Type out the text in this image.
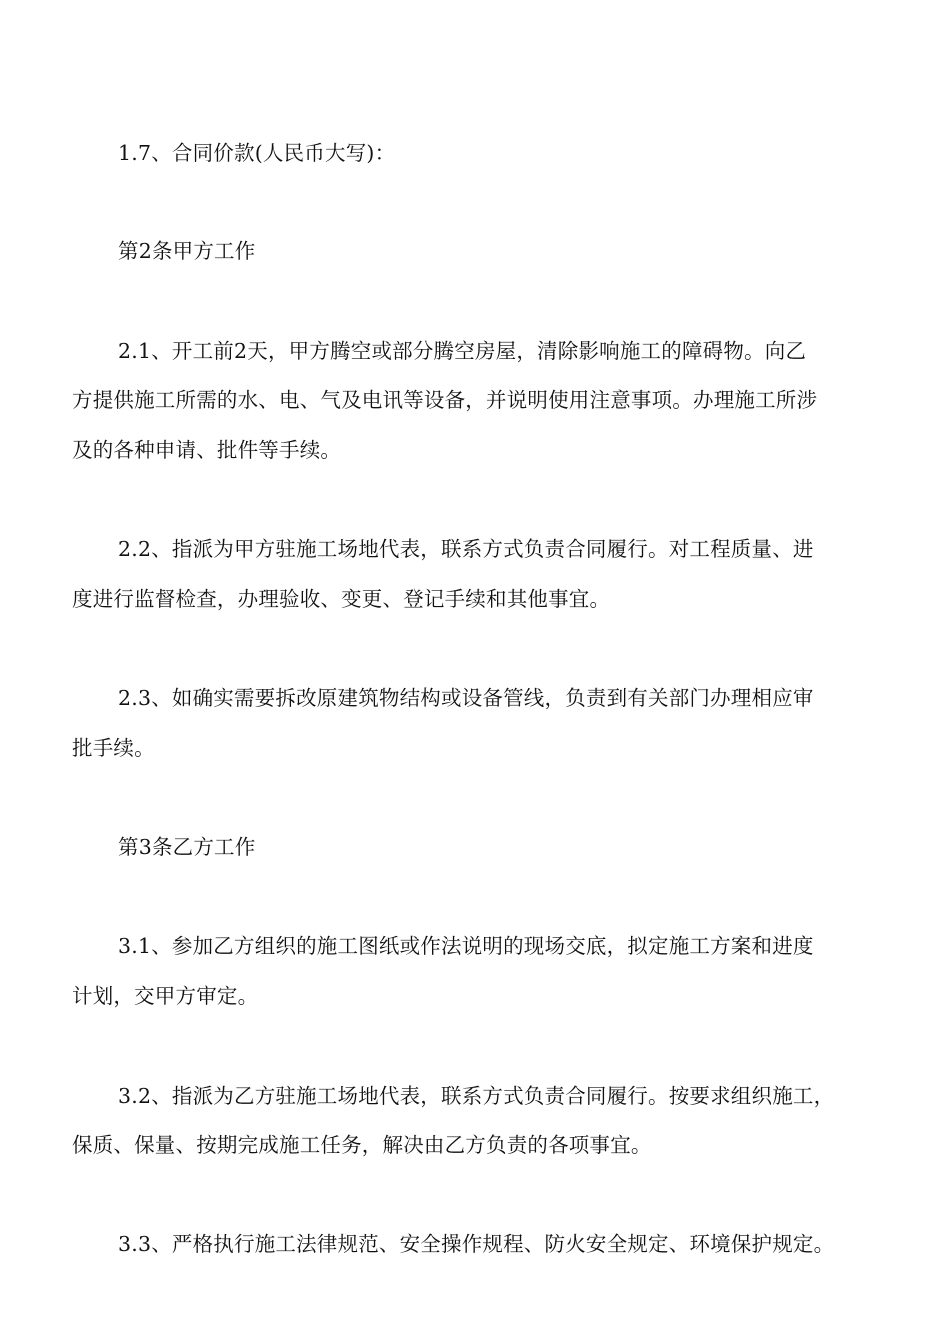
1.7、合同价款(人民币大写)：
第2条甲方工作
2.1、开工前2天，甲方腾空或部分腾空房屋，清除影响施工的障碍物。向乙
方提供施工所需的水、电、气及电讯等设备，并说明使用注意事项。办理施工所涉
及的各种申请、批件等手续。
2.2、指派为甲方驻施工场地代表，联系方式负责合同履行。对工程质量、进
度进行监督检查，办理验收、变更、登记手续和其他事宜。
2.3、如确实需要拆改原建筑物结构或设备管线，负责到有关部门办理相应审
批手续。
第3条乙方工作
3.1、参加乙方组织的施工图纸或作法说明的现场交底，拟定施工方案和进度
计划，交甲方审定。
3.2、指派为乙方驻施工场地代表，联系方式负责合同履行。按要求组织施工，
保质、保量、按期完成施工任务，解决由乙方负责的各项事宜。
3.3、严格执行施工法律规范、安全操作规程、防火安全规定、环境保护规定。
